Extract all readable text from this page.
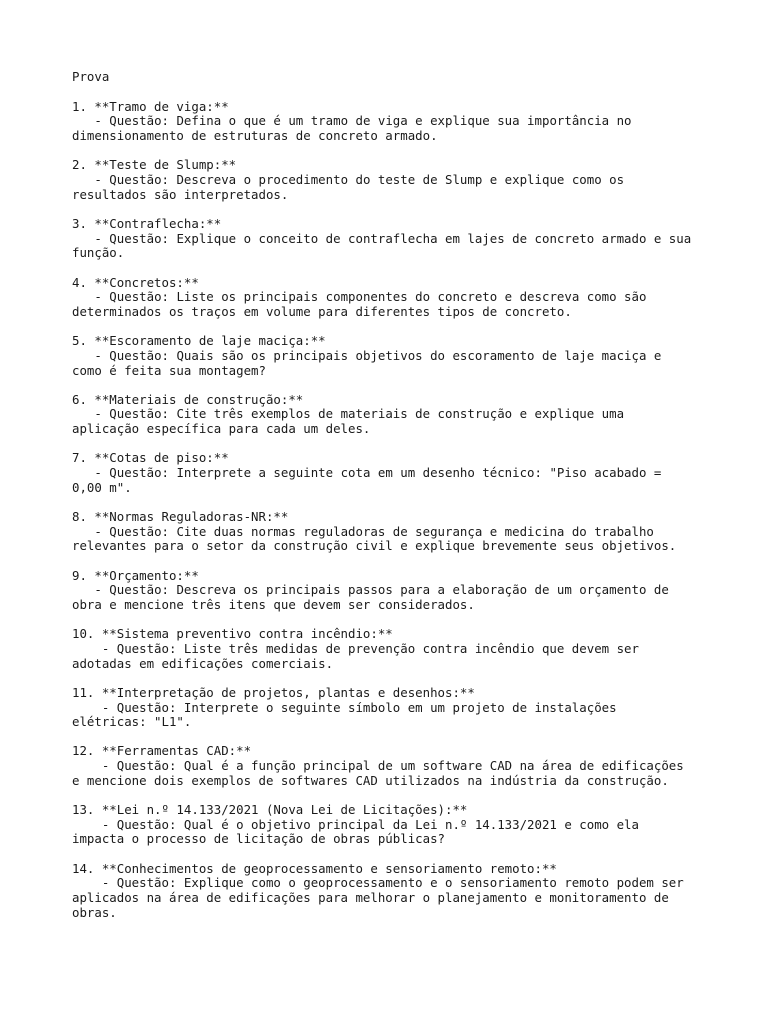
Prova
1. **Tramo de viga:**
- Questão: Defina o que é um tramo de viga e explique sua importância no
dimensionamento de estruturas de concreto armado.
2. **Teste de Slump:**
- Questão: Descreva o procedimento do teste de Slump e explique como os
resultados são interpretados.
3. **Contraflecha:**
- Questão: Explique o conceito de contraflecha em lajes de concreto armado e sua
função.
4. **Concretos:**
- Questão: Liste os principais componentes do concreto e descreva como são
determinados os traços em volume para diferentes tipos de concreto.
5. **Escoramento de laje maciça:**
- Questão: Quais são os principais objetivos do escoramento de laje maciça e
como é feita sua montagem?
6. **Materiais de construção:**
- Questão: Cite três exemplos de materiais de construção e explique uma
aplicação específica para cada um deles.
7. **Cotas de piso:**
- Questão: Interprete a seguinte cota em um desenho técnico: "Piso acabado =
0,00 m".
8. **Normas Reguladoras-NR:**
- Questão: Cite duas normas reguladoras de segurança e medicina do trabalho
relevantes para o setor da construção civil e explique brevemente seus objetivos.
9. **Orçamento:**
- Questão: Descreva os principais passos para a elaboração de um orçamento de
obra e mencione três itens que devem ser considerados.
10. **Sistema preventivo contra incêndio:**
- Questão: Liste três medidas de prevenção contra incêndio que devem ser
adotadas em edificações comerciais.
11. **Interpretação de projetos, plantas e desenhos:**
- Questão: Interprete o seguinte símbolo em um projeto de instalações
elétricas: "L1".
12. **Ferramentas CAD:**
- Questão: Qual é a função principal de um software CAD na área de edificações
e mencione dois exemplos de softwares CAD utilizados na indústria da construção.
13. **Lei n.º 14.133/2021 (Nova Lei de Licitações):**
- Questão: Qual é o objetivo principal da Lei n.º 14.133/2021 e como ela
impacta o processo de licitação de obras públicas?
14. **Conhecimentos de geoprocessamento e sensoriamento remoto:**
- Questão: Explique como o geoprocessamento e o sensoriamento remoto podem ser
aplicados na área de edificações para melhorar o planejamento e monitoramento de
obras.
